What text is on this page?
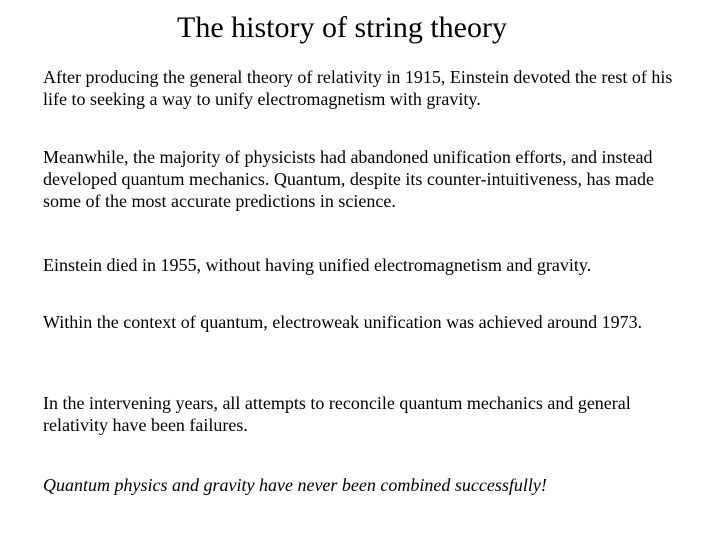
The history of string theory

After producing the general theory of relativity in 1915, Einstein devoted the rest of his life to seeking a way to unify electromagnetism with gravity.

Meanwhile, the majority of physicists had abandoned unification efforts, and instead developed quantum mechanics. Quantum, despite its counter-intuitiveness, has made some of the most accurate predictions in science.

Einstein died in 1955, without having unified electromagnetism and gravity.

Within the context of quantum, electroweak unification was achieved around 1973.

In the intervening years, all attempts to reconcile quantum mechanics and general relativity have been failures.

Quantum physics and gravity have never been combined successfully!
